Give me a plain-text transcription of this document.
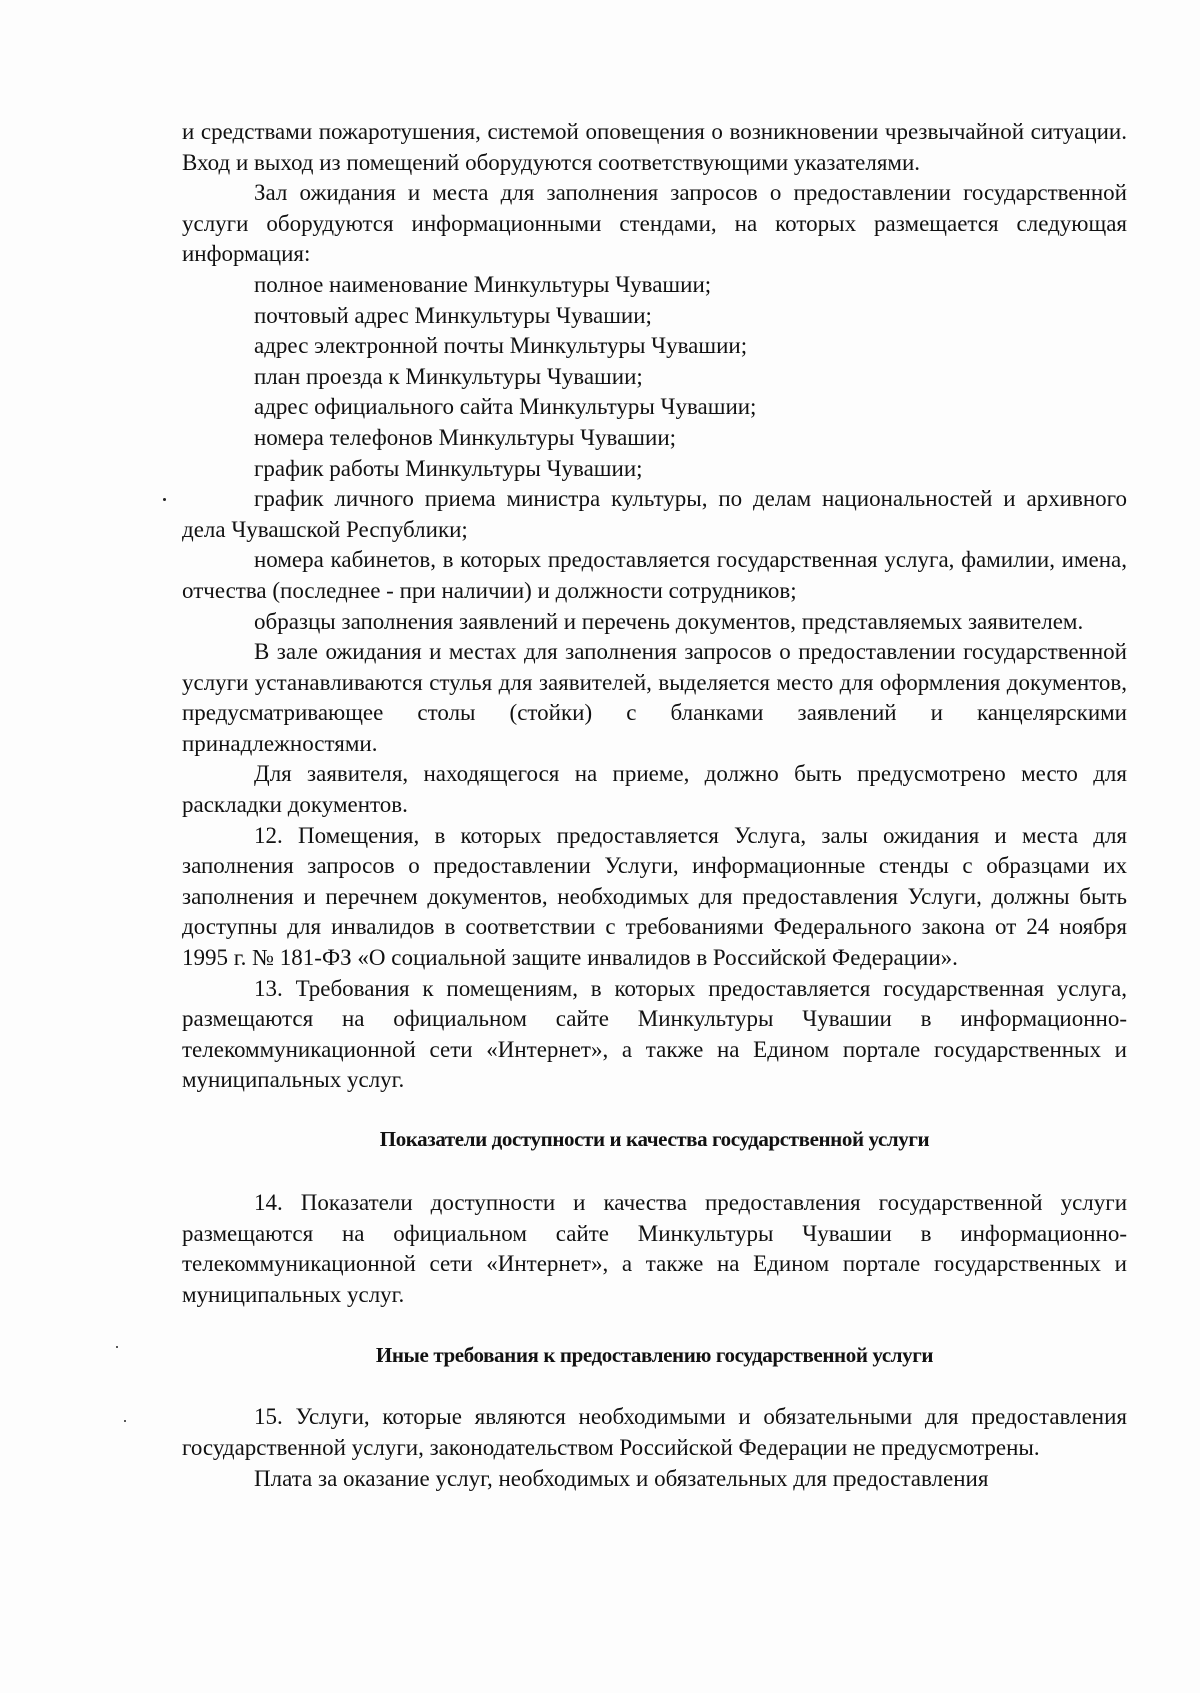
и средствами пожаротушения, системой оповещения о возникновении чрезвычайной ситуации. Вход и выход из помещений оборудуются соответствующими указателями.

Зал ожидания и места для заполнения запросов о предоставлении государственной услуги оборудуются информационными стендами, на которых размещается следующая информация:

полное наименование Минкультуры Чувашии;

почтовый адрес Минкультуры Чувашии;

адрес электронной почты Минкультуры Чувашии;

план проезда к Минкультуры Чувашии;

адрес официального сайта Минкультуры Чувашии;

номера телефонов Минкультуры Чувашии;

график работы Минкультуры Чувашии;

график личного приема министра культуры, по делам национальностей и архивного дела Чувашской Республики;

номера кабинетов, в которых предоставляется государственная услуга, фамилии, имена, отчества (последнее - при наличии) и должности сотрудников;

образцы заполнения заявлений и перечень документов, представляемых заявителем.

В зале ожидания и местах для заполнения запросов о предоставлении государственной услуги устанавливаются стулья для заявителей, выделяется место для оформления документов, предусматривающее столы (стойки) с бланками заявлений и канцелярскими принадлежностями.

Для заявителя, находящегося на приеме, должно быть предусмотрено место для раскладки документов.

12. Помещения, в которых предоставляется Услуга, залы ожидания и места для заполнения запросов о предоставлении Услуги, информационные стенды с образцами их заполнения и перечнем документов, необходимых для предоставления Услуги, должны быть доступны для инвалидов в соответствии с требованиями Федерального закона от 24 ноября 1995 г. № 181-ФЗ «О социальной защите инвалидов в Российской Федерации».

13. Требования к помещениям, в которых предоставляется государственная услуга, размещаются на официальном сайте Минкультуры Чувашии в информационно-телекоммуникационной сети «Интернет», а также на Едином портале государственных и муниципальных услуг.

Показатели доступности и качества государственной услуги

14. Показатели доступности и качества предоставления государственной услуги размещаются на официальном сайте Минкультуры Чувашии в информационно-телекоммуникационной сети «Интернет», а также на Едином портале государственных и муниципальных услуг.

Иные требования к предоставлению государственной услуги

15. Услуги, которые являются необходимыми и обязательными для предоставления государственной услуги, законодательством Российской Федерации не предусмотрены.

Плата за оказание услуг, необходимых и обязательных для предоставления
